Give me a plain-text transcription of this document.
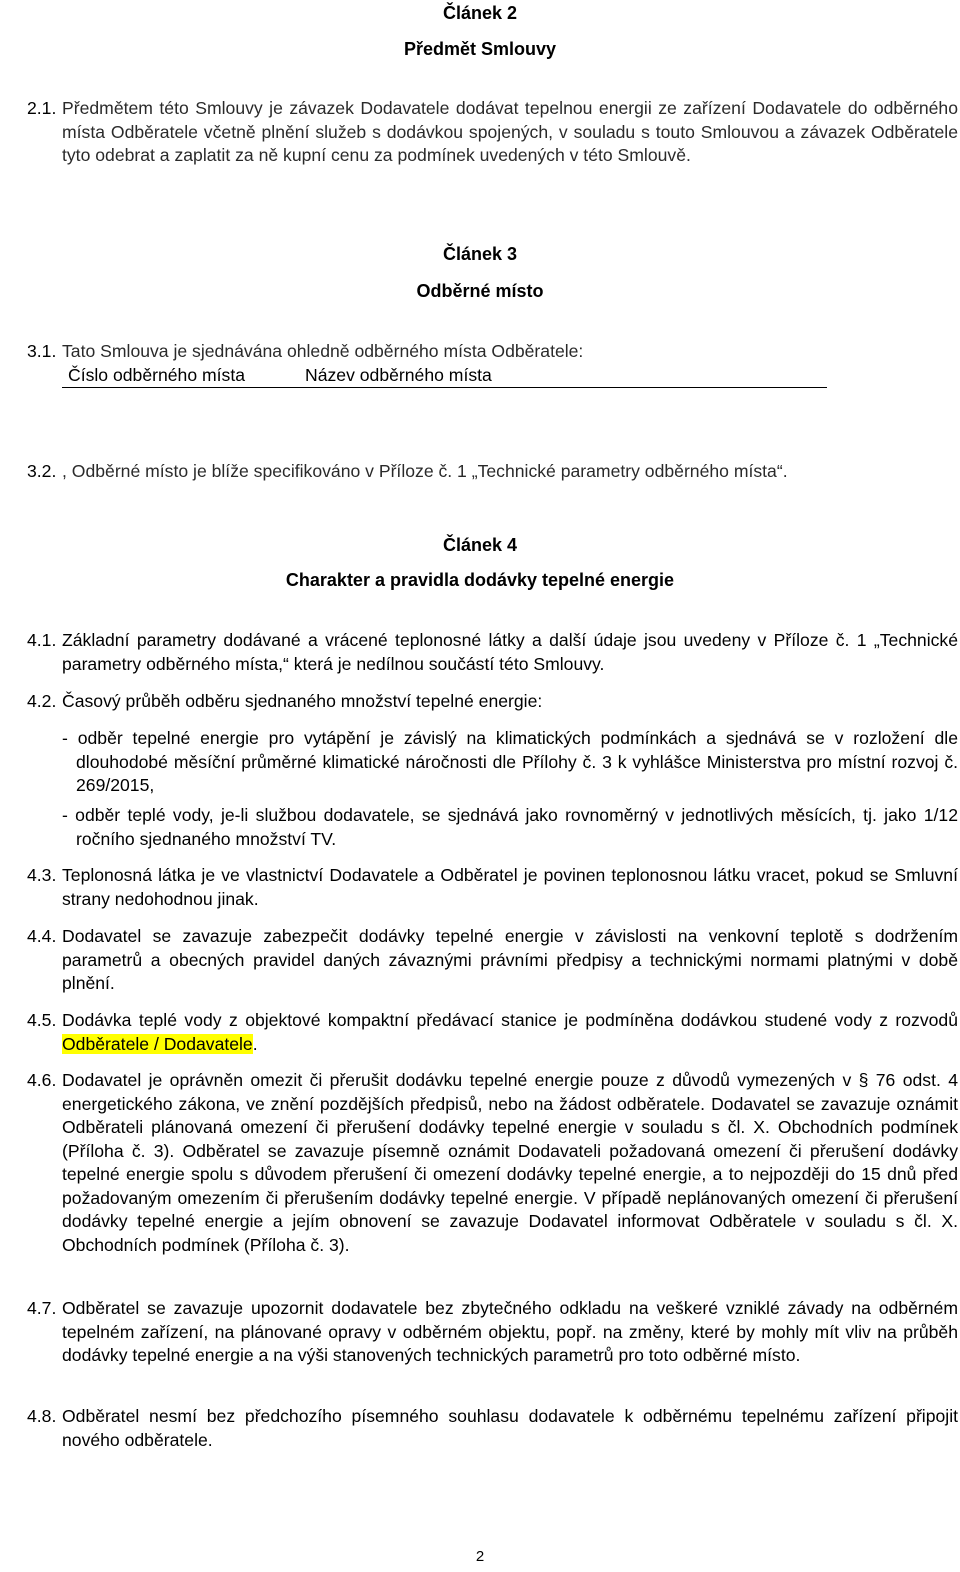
Článek 2
Předmět Smlouvy
2.1. Předmětem této Smlouvy je závazek Dodavatele dodávat tepelnou energii ze zařízení Dodavatele do odběrného místa Odběratele včetně plnění služeb s dodávkou spojených, v souladu s touto Smlouvou a závazek Odběratele tyto odebrat a zaplatit za ně kupní cenu za podmínek uvedených v této Smlouvě.
Článek 3
Odběrné místo
3.1. Tato Smlouva je sjednávána ohledně odběrného místa Odběratele:
Číslo odběrného místa	Název odběrného místa
3.2. , Odběrné místo je blíže specifikováno v Příloze č. 1 „Technické parametry odběrného místa“.
Článek 4
Charakter a pravidla dodávky tepelné energie
4.1. Základní parametry dodávané a vrácené teplonosné látky a další údaje jsou uvedeny v Příloze č. 1 „Technické parametry odběrného místa,“ která je nedílnou součástí této Smlouvy.
4.2. Časový průběh odběru sjednaného množství tepelné energie:
- odběr tepelné energie pro vytápění je závislý na klimatických podmínkách a sjednává se v rozložení dle dlouhodobé měsíční průměrné klimatické náročnosti dle Přílohy č. 3 k vyhlášce Ministerstva pro místní rozvoj č. 269/2015,
- odběr teplé vody, je-li službou dodavatele, se sjednává jako rovnoměrný v jednotlivých měsících, tj. jako 1/12 ročního sjednaného množství TV.
4.3. Teplonosná látka je ve vlastnictví Dodavatele a Odběratel je povinen teplonosnou látku vracet, pokud se Smluvní strany nedohodnou jinak.
4.4. Dodavatel se zavazuje zabezpečit dodávky tepelné energie v závislosti na venkovní teplotě s dodržením parametrů a obecných pravidel daných závaznými právními předpisy a technickými normami platnými v době plnění.
4.5. Dodávka teplé vody z objektové kompaktní předávací stanice je podmíněna dodávkou studené vody z rozvodů Odběratele / Dodavatele.
4.6. Dodavatel je oprávněn omezit či přerušit dodávku tepelné energie pouze z důvodů vymezených v § 76 odst. 4 energetického zákona, ve znění pozdějších předpisů, nebo na žádost odběratele. Dodavatel se zavazuje oznámit Odběrateli plánovaná omezení či přerušení dodávky tepelné energie v souladu s čl. X. Obchodních podmínek (Příloha č. 3). Odběratel se zavazuje písemně oznámit Dodavateli požadovaná omezení či přerušení dodávky tepelné energie spolu s důvodem přerušení či omezení dodávky tepelné energie, a to nejpozději do 15 dnů před požadovaným omezením či přerušením dodávky tepelné energie. V případě neplánovaných omezení či přerušení dodávky tepelné energie a jejím obnovení se zavazuje Dodavatel informovat Odběratele v souladu s čl. X. Obchodních podmínek (Příloha č. 3).
4.7. Odběratel se zavazuje upozornit dodavatele bez zbytečného odkladu na veškeré vzniklé závady na odběrném tepelném zařízení, na plánované opravy v odběrném objektu, popř. na změny, které by mohly mít vliv na průběh dodávky tepelné energie a na výši stanovených technických parametrů pro toto odběrné místo.
4.8. Odběratel nesmí bez předchozího písemného souhlasu dodavatele k odběrnému tepelnému zařízení připojit nového odběratele.
2
